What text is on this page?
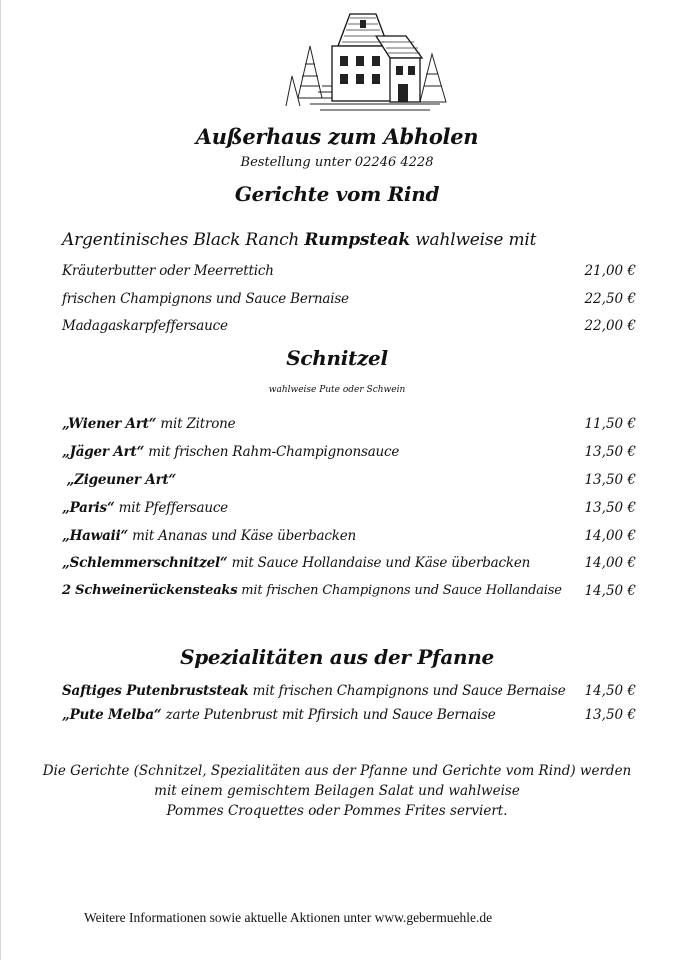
Außerhaus zum Abholen
Bestellung unter 02246 4228
Gerichte vom Rind
Argentinisches Black Ranch Rumpsteak wahlweise mit
Kräuterbutter oder Meerrettich	21,00 €
frischen Champignons und Sauce Bernaise	22,50 €
Madagaskarpfeffersauce	22,00 €
Schnitzel
wahlweise Pute oder Schwein
„Wiener Art“ mit Zitrone	11,50 €
„Jäger Art“ mit frischen Rahm-Champignonsauce	13,50 €
„Zigeuner Art“	13,50 €
„Paris“ mit Pfeffersauce	13,50 €
„Hawaii“ mit Ananas und Käse überbacken	14,00 €
„Schlemmerschnitzel“ mit Sauce Hollandaise und Käse überbacken	14,00 €
2 Schweinerückensteaks mit frischen Champignons und Sauce Hollandaise 14,50 €
Spezialitäten aus der Pfanne
Saftiges Putenbruststeak mit frischen Champignons und Sauce Bernaise 14,50 €
„Pute Melba“ zarte Putenbrust mit Pfirsich und Sauce Bernaise	13,50 €
Die Gerichte (Schnitzel, Spezialitäten aus der Pfanne und Gerichte vom Rind) werden
mit einem gemischtem Beilagen Salat und wahlweise
Pommes Croquettes oder Pommes Frites serviert.
Weitere Informationen sowie aktuelle Aktionen unter www.gebermuehle.de
